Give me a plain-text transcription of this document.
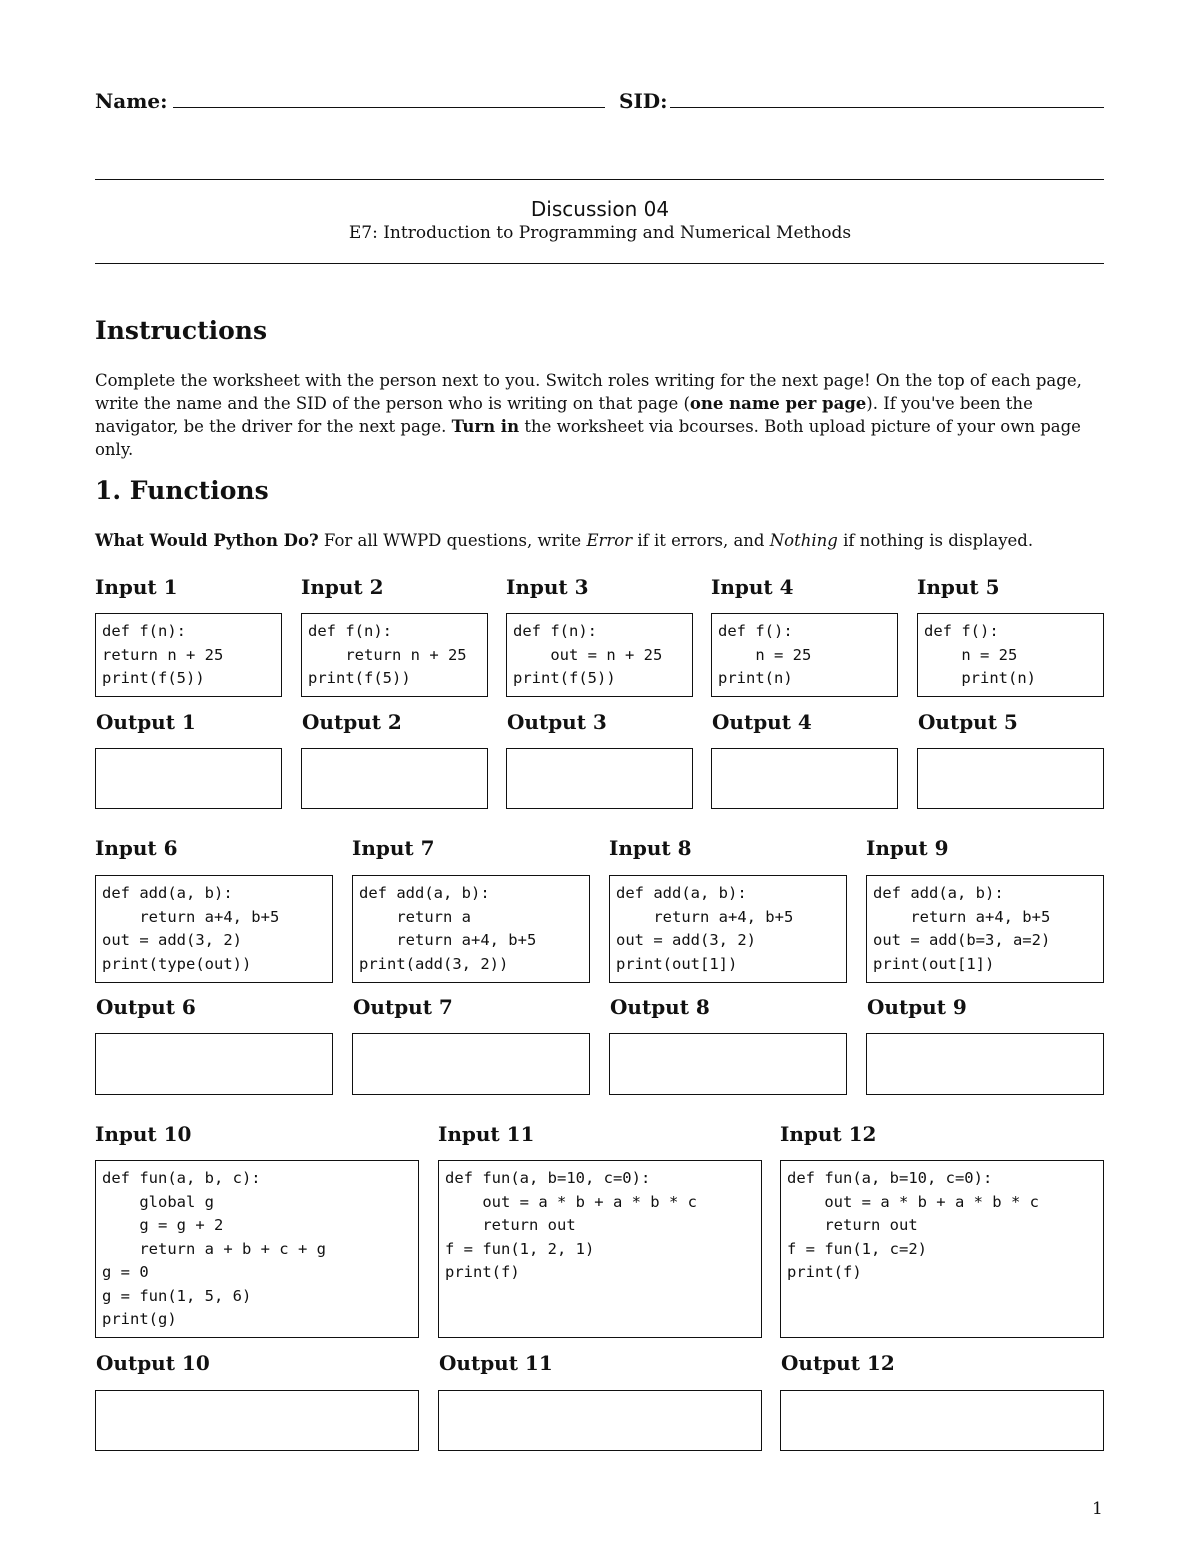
Name:	SID:
Discussion 04
E7: Introduction to Programming and Numerical Methods
Instructions
Complete the worksheet with the person next to you. Switch roles writing for the next page! On the top of each page, write the name and the SID of the person who is writing on that page (one name per page). If you've been the navigator, be the driver for the next page. Turn in the worksheet via bcourses. Both upload picture of your own page only.
1. Functions
What Would Python Do? For all WWPD questions, write Error if it errors, and Nothing if nothing is displayed.
Input 1
def f(n):
return n + 25
print(f(5))
Output 1
Input 2
def f(n):
return n + 25
print(f(5))
Output 2
Input 3
def f(n):
out = n + 25
print(f(5))
Output 3
Input 4
def f():
n = 25
print(n)
Output 4
Input 5
def f():
n = 25
print(n)
Output 5
Input 6
def add(a, b):
return a+4, b+5
out = add(3, 2)
print(type(out))
Output 6
Input 7
def add(a, b):
return a
return a+4, b+5
print(add(3, 2))
Output 7
Input 8
def add(a, b):
return a+4, b+5
out = add(3, 2)
print(out[1])
Output 8
Input 9
def add(a, b):
return a+4, b+5
out = add(b=3, a=2)
print(out[1])
Output 9
Input 10
def fun(a, b, c):
global g
g = g + 2
return a + b + c + g
g = 0
g = fun(1, 5, 6)
print(g)
Output 10
Input 11
def fun(a, b=10, c=0):
out = a * b + a * b * c
return out
f = fun(1, 2, 1)
print(f)
Output 11
Input 12
def fun(a, b=10, c=0):
out = a * b + a * b * c
return out
f = fun(1, c=2)
print(f)
Output 12
1
